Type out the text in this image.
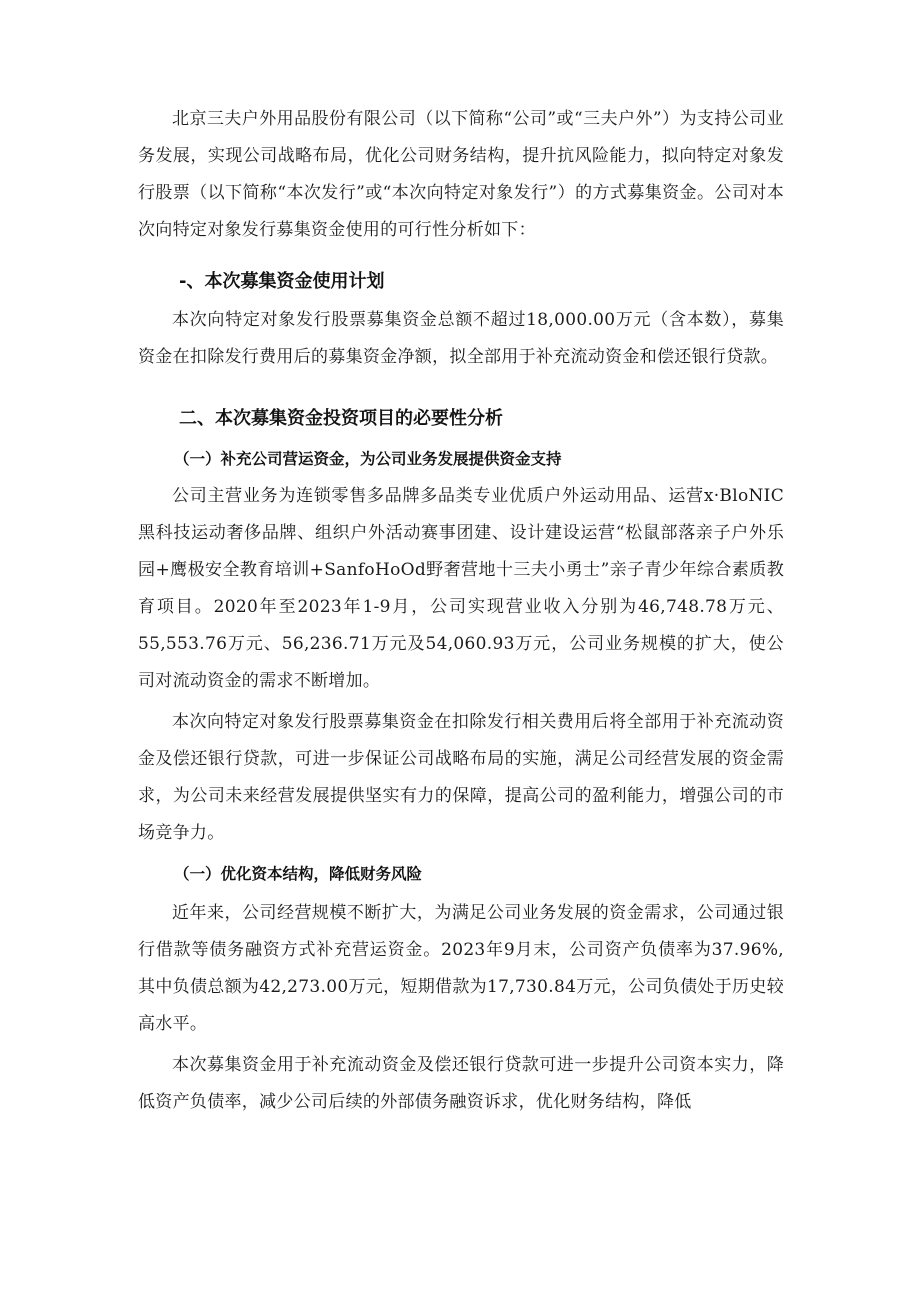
北京三夫户外用品股份有限公司（以下简称“公司”或“三夫户外”）为支持公司业务发展，实现公司战略布局，优化公司财务结构，提升抗风险能力，拟向特定对象发行股票（以下简称“本次发行”或“本次向特定对象发行”）的方式募集资金。公司对本次向特定对象发行募集资金使用的可行性分析如下：

-、本次募集资金使用计划

本次向特定对象发行股票募集资金总额不超过18,000.00万元（含本数），募集资金在扣除发行费用后的募集资金净额，拟全部用于补充流动资金和偿还银行贷款。

二、本次募集资金投资项目的必要性分析
（一）补充公司营运资金，为公司业务发展提供资金支持

公司主营业务为连锁零售多品牌多品类专业优质户外运动用品、运营x·BloNIC黑科技运动奢侈品牌、组织户外活动赛事团建、设计建设运营“松鼠部落亲子户外乐园+鹰极安全教育培训+SanfoHoOd野奢营地十三夫小勇士”亲子青少年综合素质教育项目。2020年至2023年1-9月，公司实现营业收入分别为46,748.78万元、55,553.76万元、56,236.71万元及54,060.93万元，公司业务规模的扩大，使公司对流动资金的需求不断增加。

本次向特定对象发行股票募集资金在扣除发行相关费用后将全部用于补充流动资金及偿还银行贷款，可进一步保证公司战略布局的实施，满足公司经营发展的资金需求，为公司未来经营发展提供坚实有力的保障，提高公司的盈利能力，增强公司的市场竞争力。

（一）优化资本结构，降低财务风险

近年来，公司经营规模不断扩大，为满足公司业务发展的资金需求，公司通过银行借款等债务融资方式补充营运资金。2023年9月末，公司资产负债率为37.96%,其中负债总额为42,273.00万元，短期借款为17,730.84万元，公司负债处于历史较高水平。

本次募集资金用于补充流动资金及偿还银行贷款可进一步提升公司资本实力，降低资产负债率，减少公司后续的外部债务融资诉求，优化财务结构，降低
